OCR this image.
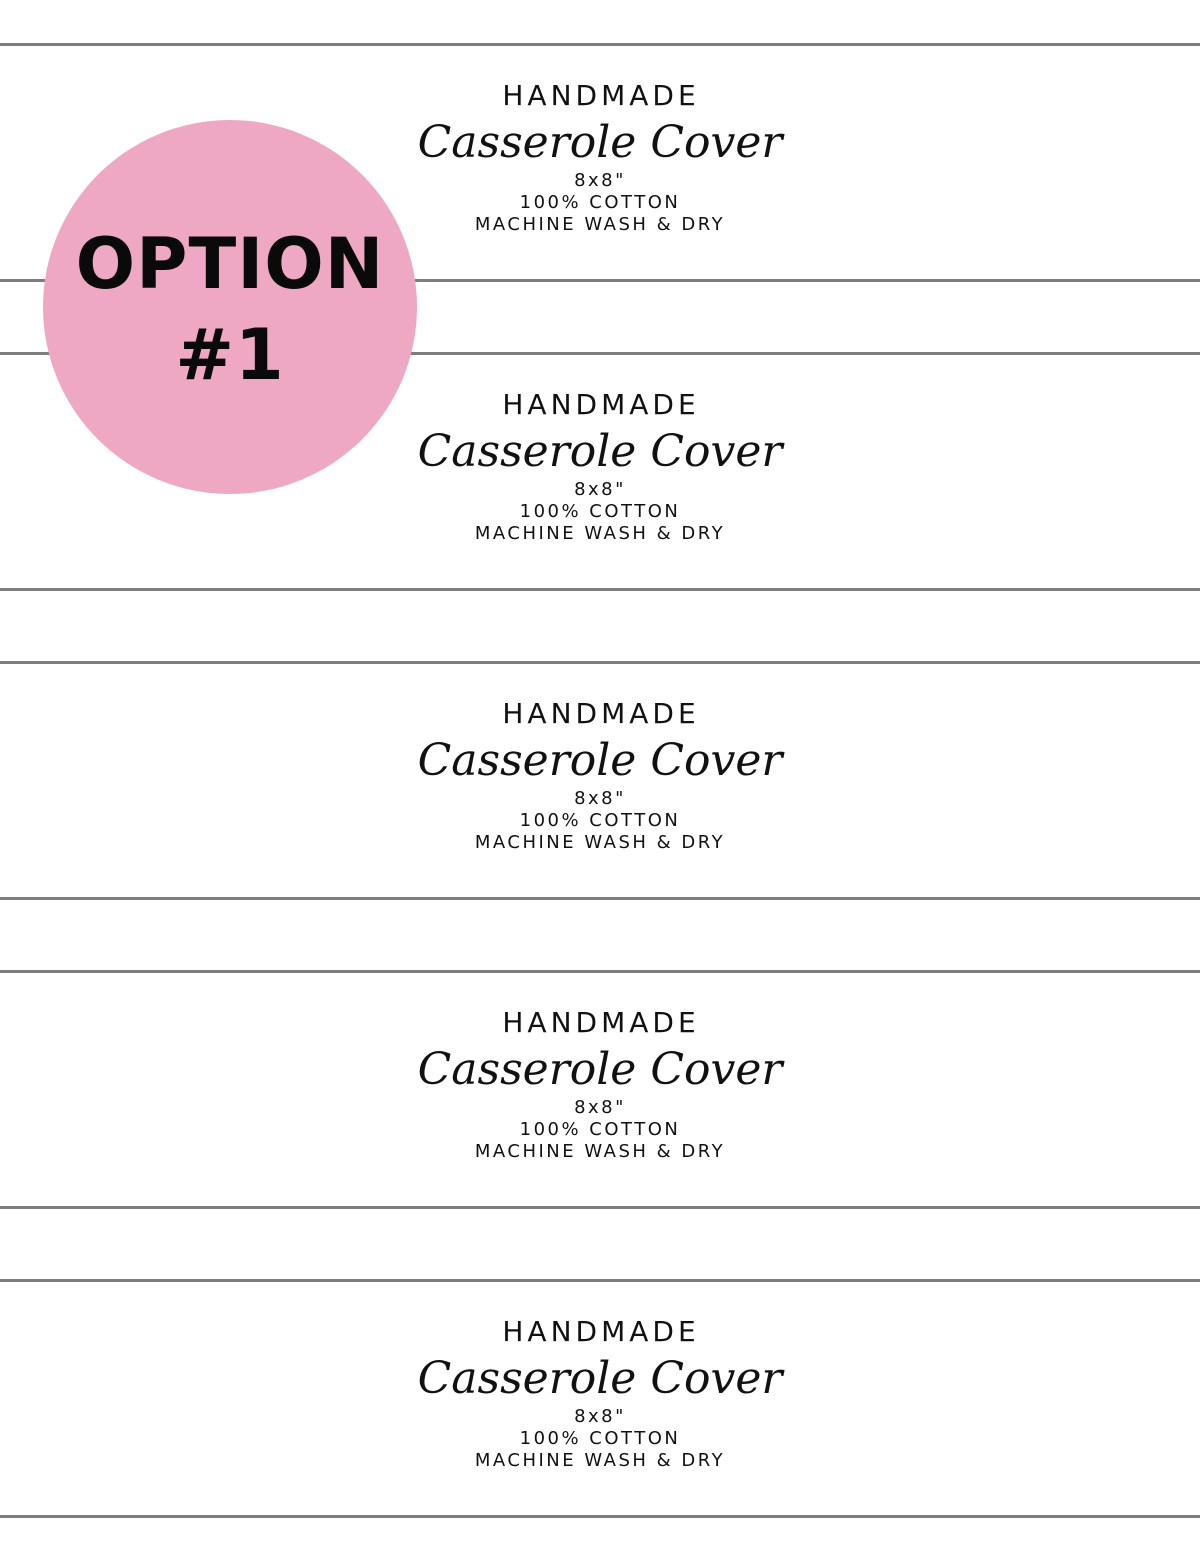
HANDMADE
Casserole Cover
8x8"
100% COTTON
MACHINE WASH & DRY
HANDMADE
Casserole Cover
8x8"
100% COTTON
MACHINE WASH & DRY
HANDMADE
Casserole Cover
8x8"
100% COTTON
MACHINE WASH & DRY
HANDMADE
Casserole Cover
8x8"
100% COTTON
MACHINE WASH & DRY
HANDMADE
Casserole Cover
8x8"
100% COTTON
MACHINE WASH & DRY
OPTION
#1
